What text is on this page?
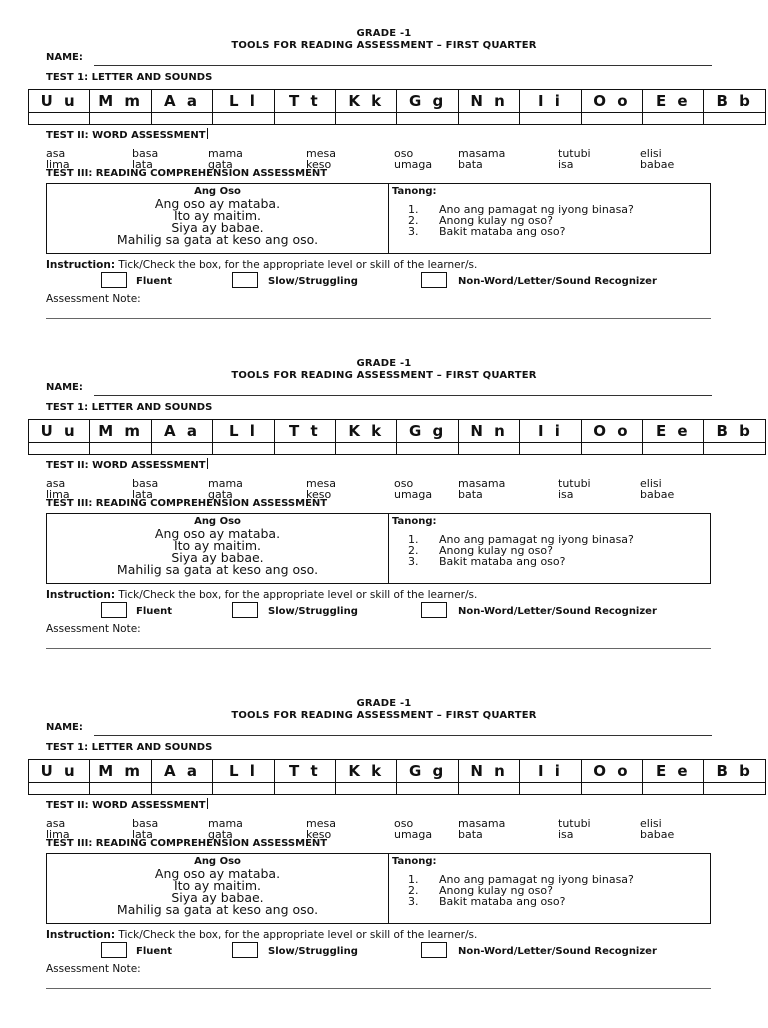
GRADE -1
TOOLS FOR READING ASSESSMENT – FIRST QUARTER
NAME:
TEST 1: LETTER AND SOUNDS
U u	M m	A a	L l	T t	K k	G g	N n	I i	O o	E e	B b

TEST II: WORD ASSESSMENT
asa	basa	mama	mesa	oso	masama	tutubi	elisi
lima	lata	gata	keso	umaga	bata	isa	babae
TEST III: READING COMPREHENSION ASSESSMENT
Ang Oso
Ang oso ay mataba.
Ito ay maitim.
Siya ay babae.
Mahilig sa gata at keso ang oso.
Tanong:
1.	Ano ang pamagat ng iyong binasa?
2.	Anong kulay ng oso?
3.	Bakit mataba ang oso?
Instruction: Tick/Check the box, for the appropriate level or skill of the learner/s.
Fluent	Slow/Struggling	Non-Word/Letter/Sound Recognizer
Assessment Note:
GRADE -1
TOOLS FOR READING ASSESSMENT – FIRST QUARTER
NAME:
TEST 1: LETTER AND SOUNDS
U u	M m	A a	L l	T t	K k	G g	N n	I i	O o	E e	B b

TEST II: WORD ASSESSMENT
asa	basa	mama	mesa	oso	masama	tutubi	elisi
lima	lata	gata	keso	umaga	bata	isa	babae
TEST III: READING COMPREHENSION ASSESSMENT
Ang Oso
Ang oso ay mataba.
Ito ay maitim.
Siya ay babae.
Mahilig sa gata at keso ang oso.
Tanong:
1.	Ano ang pamagat ng iyong binasa?
2.	Anong kulay ng oso?
3.	Bakit mataba ang oso?
Instruction: Tick/Check the box, for the appropriate level or skill of the learner/s.
Fluent	Slow/Struggling	Non-Word/Letter/Sound Recognizer
Assessment Note:
GRADE -1
TOOLS FOR READING ASSESSMENT – FIRST QUARTER
NAME:
TEST 1: LETTER AND SOUNDS
U u	M m	A a	L l	T t	K k	G g	N n	I i	O o	E e	B b

TEST II: WORD ASSESSMENT
asa	basa	mama	mesa	oso	masama	tutubi	elisi
lima	lata	gata	keso	umaga	bata	isa	babae
TEST III: READING COMPREHENSION ASSESSMENT
Ang Oso
Ang oso ay mataba.
Ito ay maitim.
Siya ay babae.
Mahilig sa gata at keso ang oso.
Tanong:
1.	Ano ang pamagat ng iyong binasa?
2.	Anong kulay ng oso?
3.	Bakit mataba ang oso?
Instruction: Tick/Check the box, for the appropriate level or skill of the learner/s.
Fluent	Slow/Struggling	Non-Word/Letter/Sound Recognizer
Assessment Note:
